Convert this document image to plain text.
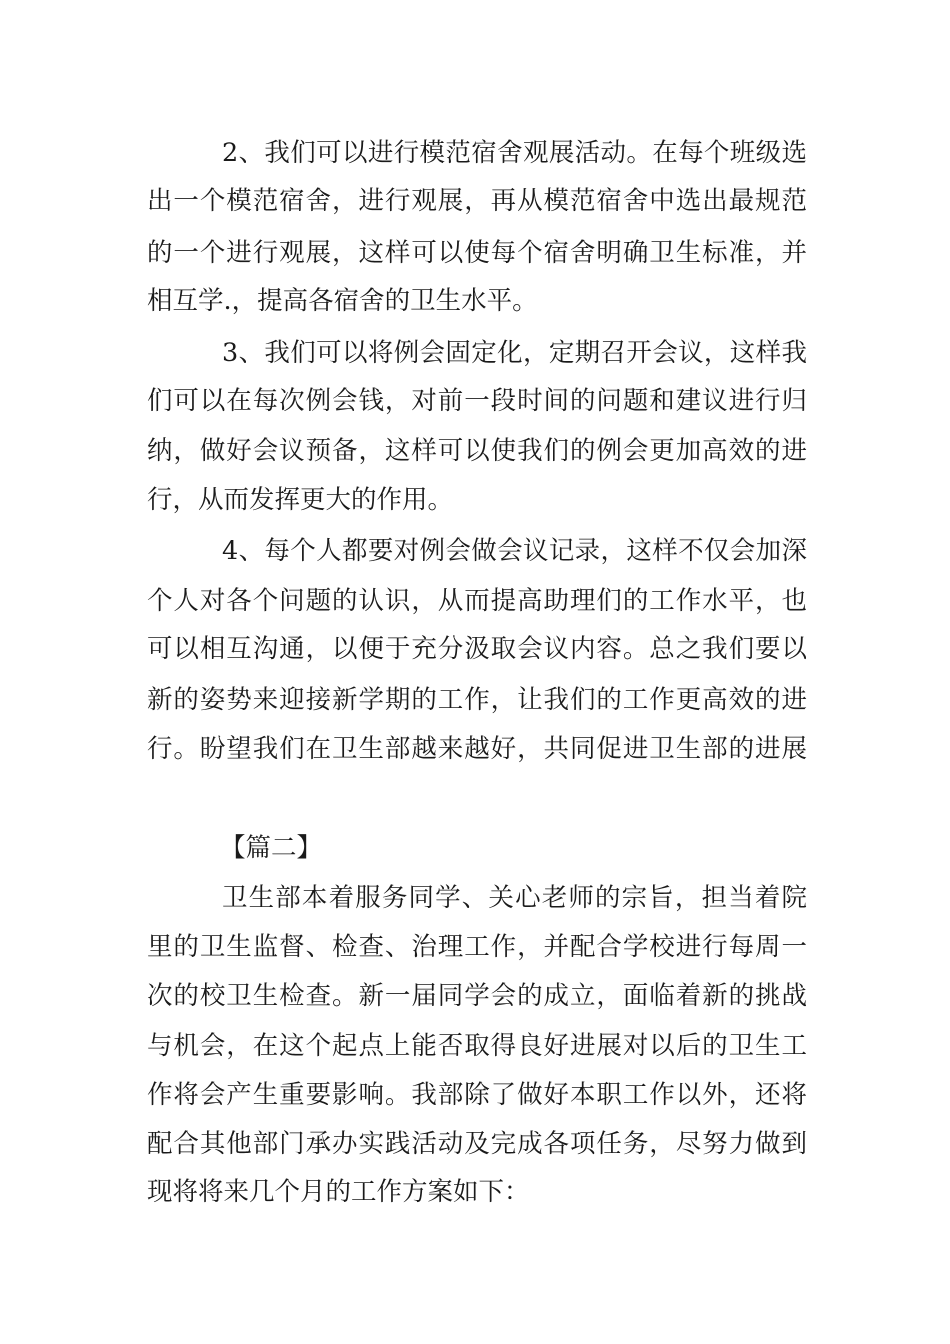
2、我们可以进行模范宿舍观展活动。在每个班级选
出一个模范宿舍，进行观展，再从模范宿舍中选出最规范
的一个进行观展，这样可以使每个宿舍明确卫生标准，并
相互学.，提高各宿舍的卫生水平。
3、我们可以将例会固定化，定期召开会议，这样我
们可以在每次例会钱，对前一段时间的问题和建议进行归
纳，做好会议预备，这样可以使我们的例会更加高效的进
行，从而发挥更大的作用。
4、每个人都要对例会做会议记录，这样不仅会加深
个人对各个问题的认识，从而提高助理们的工作水平，也
可以相互沟通，以便于充分汲取会议内容。总之我们要以
新的姿势来迎接新学期的工作，让我们的工作更高效的进
行。盼望我们在卫生部越来越好，共同促进卫生部的进展
【篇二】
卫生部本着服务同学、关心老师的宗旨，担当着院
里的卫生监督、检查、治理工作，并配合学校进行每周一
次的校卫生检查。新一届同学会的成立，面临着新的挑战
与机会，在这个起点上能否取得良好进展对以后的卫生工
作将会产生重要影响。我部除了做好本职工作以外，还将
配合其他部门承办实践活动及完成各项任务，尽努力做到
现将将来几个月的工作方案如下：
